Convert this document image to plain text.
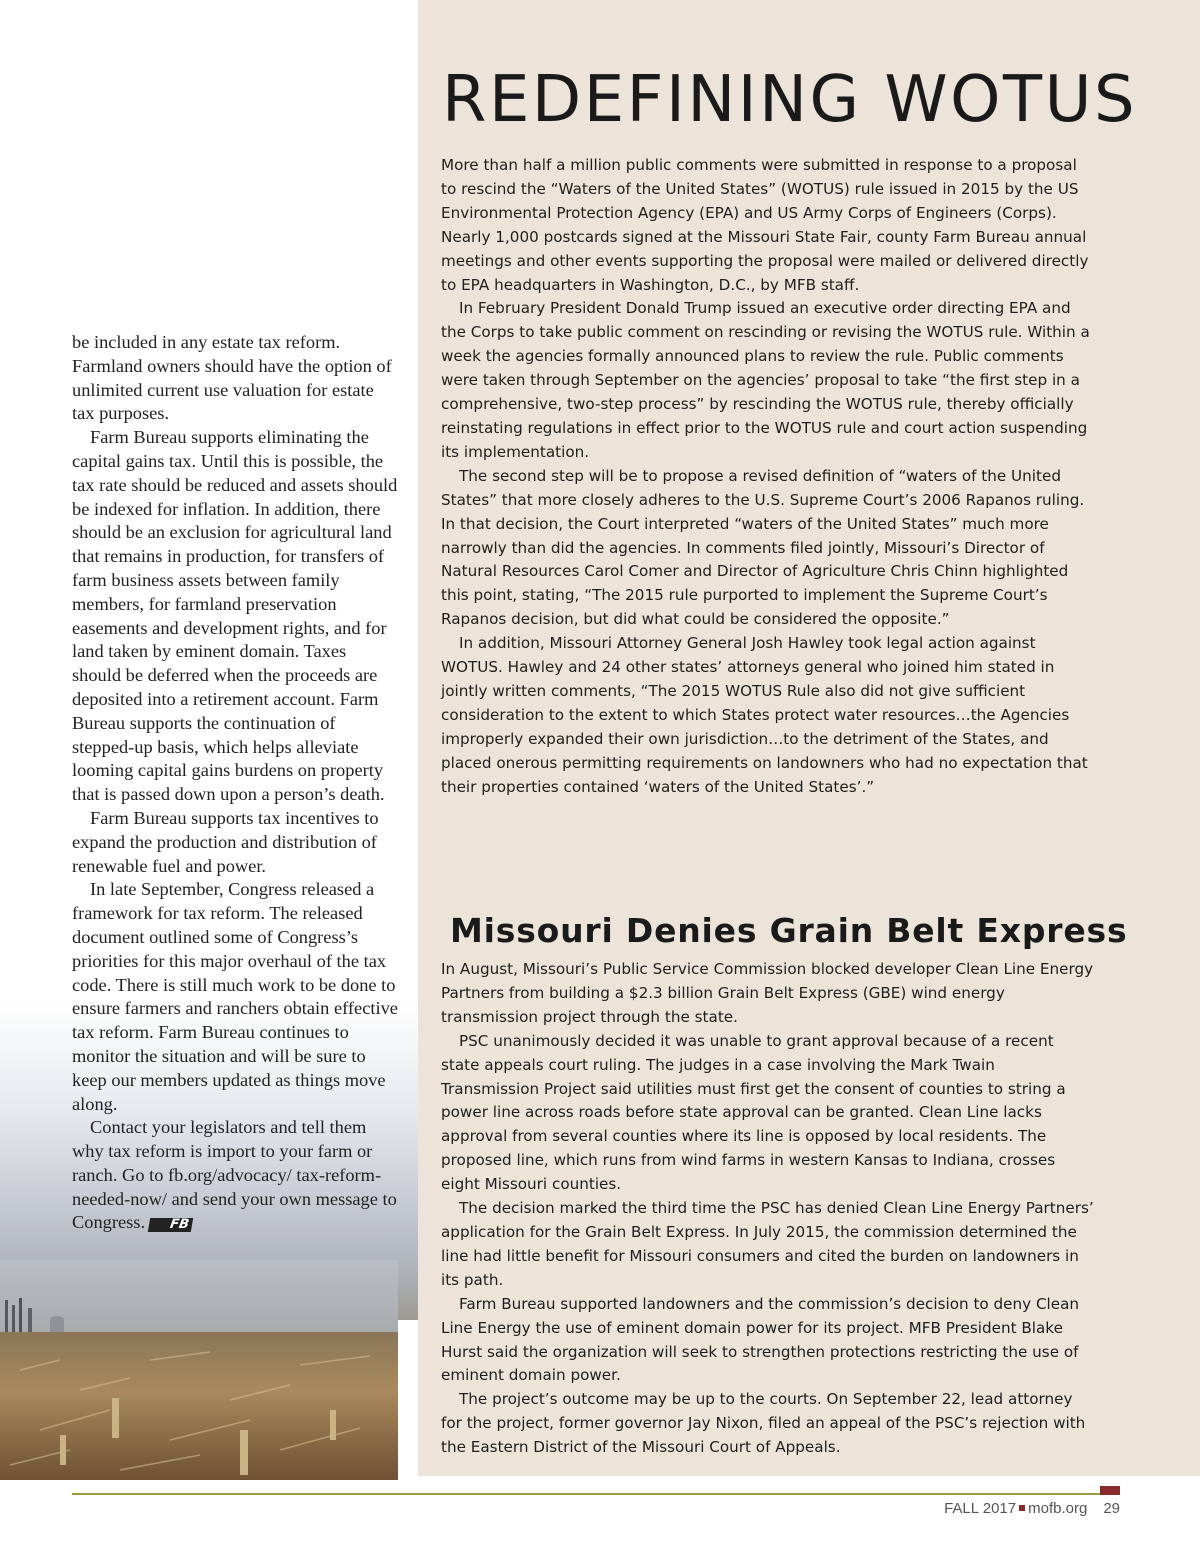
be included in any estate tax reform. Farmland owners should have the option of unlimited current use valuation for estate tax purposes.

Farm Bureau supports eliminating the capital gains tax. Until this is possible, the tax rate should be reduced and assets should be indexed for inflation. In addition, there should be an exclusion for agricultural land that remains in production, for transfers of farm business assets between family members, for farmland preservation easements and development rights, and for land taken by eminent domain. Taxes should be deferred when the proceeds are deposited into a retirement account. Farm Bureau supports the continuation of stepped-up basis, which helps alleviate looming capital gains burdens on property that is passed down upon a person’s death.

Farm Bureau supports tax incentives to expand the production and distribution of renewable fuel and power.

In late September, Congress released a framework for tax reform. The released document outlined some of Congress’s priorities for this major overhaul of the tax code. There is still much work to be done to ensure farmers and ranchers obtain effective tax reform. Farm Bureau continues to monitor the situation and will be sure to keep our members updated as things move along.

Contact your legislators and tell them why tax reform is import to your farm or ranch. Go to fb.org/advocacy/ tax-reform-needed-now/ and send your own message to Congress. FB

REDEFINING WOTUS

More than half a million public comments were submitted in response to a proposal to rescind the “Waters of the United States” (WOTUS) rule issued in 2015 by the US Environmental Protection Agency (EPA) and US Army Corps of Engineers (Corps). Nearly 1,000 postcards signed at the Missouri State Fair, county Farm Bureau annual meetings and other events supporting the proposal were mailed or delivered directly to EPA headquarters in Washington, D.C., by MFB staff.

In February President Donald Trump issued an executive order directing EPA and the Corps to take public comment on rescinding or revising the WOTUS rule. Within a week the agencies formally announced plans to review the rule. Public comments were taken through September on the agencies’ proposal to take “the first step in a comprehensive, two-step process” by rescinding the WOTUS rule, thereby officially reinstating regulations in effect prior to the WOTUS rule and court action suspending its implementation.

The second step will be to propose a revised definition of “waters of the United States” that more closely adheres to the U.S. Supreme Court’s 2006 Rapanos ruling. In that decision, the Court interpreted “waters of the United States” much more narrowly than did the agencies. In comments filed jointly, Missouri’s Director of Natural Resources Carol Comer and Director of Agriculture Chris Chinn highlighted this point, stating, “The 2015 rule purported to implement the Supreme Court’s Rapanos decision, but did what could be considered the opposite.”

In addition, Missouri Attorney General Josh Hawley took legal action against WOTUS. Hawley and 24 other states’ attorneys general who joined him stated in jointly written comments, “The 2015 WOTUS Rule also did not give sufficient consideration to the extent to which States protect water resources…the Agencies improperly expanded their own jurisdiction…to the detriment of the States, and placed onerous permitting requirements on landowners who had no expectation that their properties contained ‘waters of the United States’.”

Missouri Denies Grain Belt Express

In August, Missouri’s Public Service Commission blocked developer Clean Line Energy Partners from building a $2.3 billion Grain Belt Express (GBE) wind energy transmission project through the state.

PSC unanimously decided it was unable to grant approval because of a recent state appeals court ruling. The judges in a case involving the Mark Twain Transmission Project said utilities must first get the consent of counties to string a power line across roads before state approval can be granted. Clean Line lacks approval from several counties where its line is opposed by local residents. The proposed line, which runs from wind farms in western Kansas to Indiana, crosses eight Missouri counties.

The decision marked the third time the PSC has denied Clean Line Energy Partners’ application for the Grain Belt Express. In July 2015, the commission determined the line had little benefit for Missouri consumers and cited the burden on landowners in its path.

Farm Bureau supported landowners and the commission’s decision to deny Clean Line Energy the use of eminent domain power for its project. MFB President Blake Hurst said the organization will seek to strengthen protections restricting the use of eminent domain power.

The project’s outcome may be up to the courts. On September 22, lead attorney for the project, former governor Jay Nixon, filed an appeal of the PSC’s rejection with the Eastern District of the Missouri Court of Appeals.

FALL 2017 mofb.org 29
